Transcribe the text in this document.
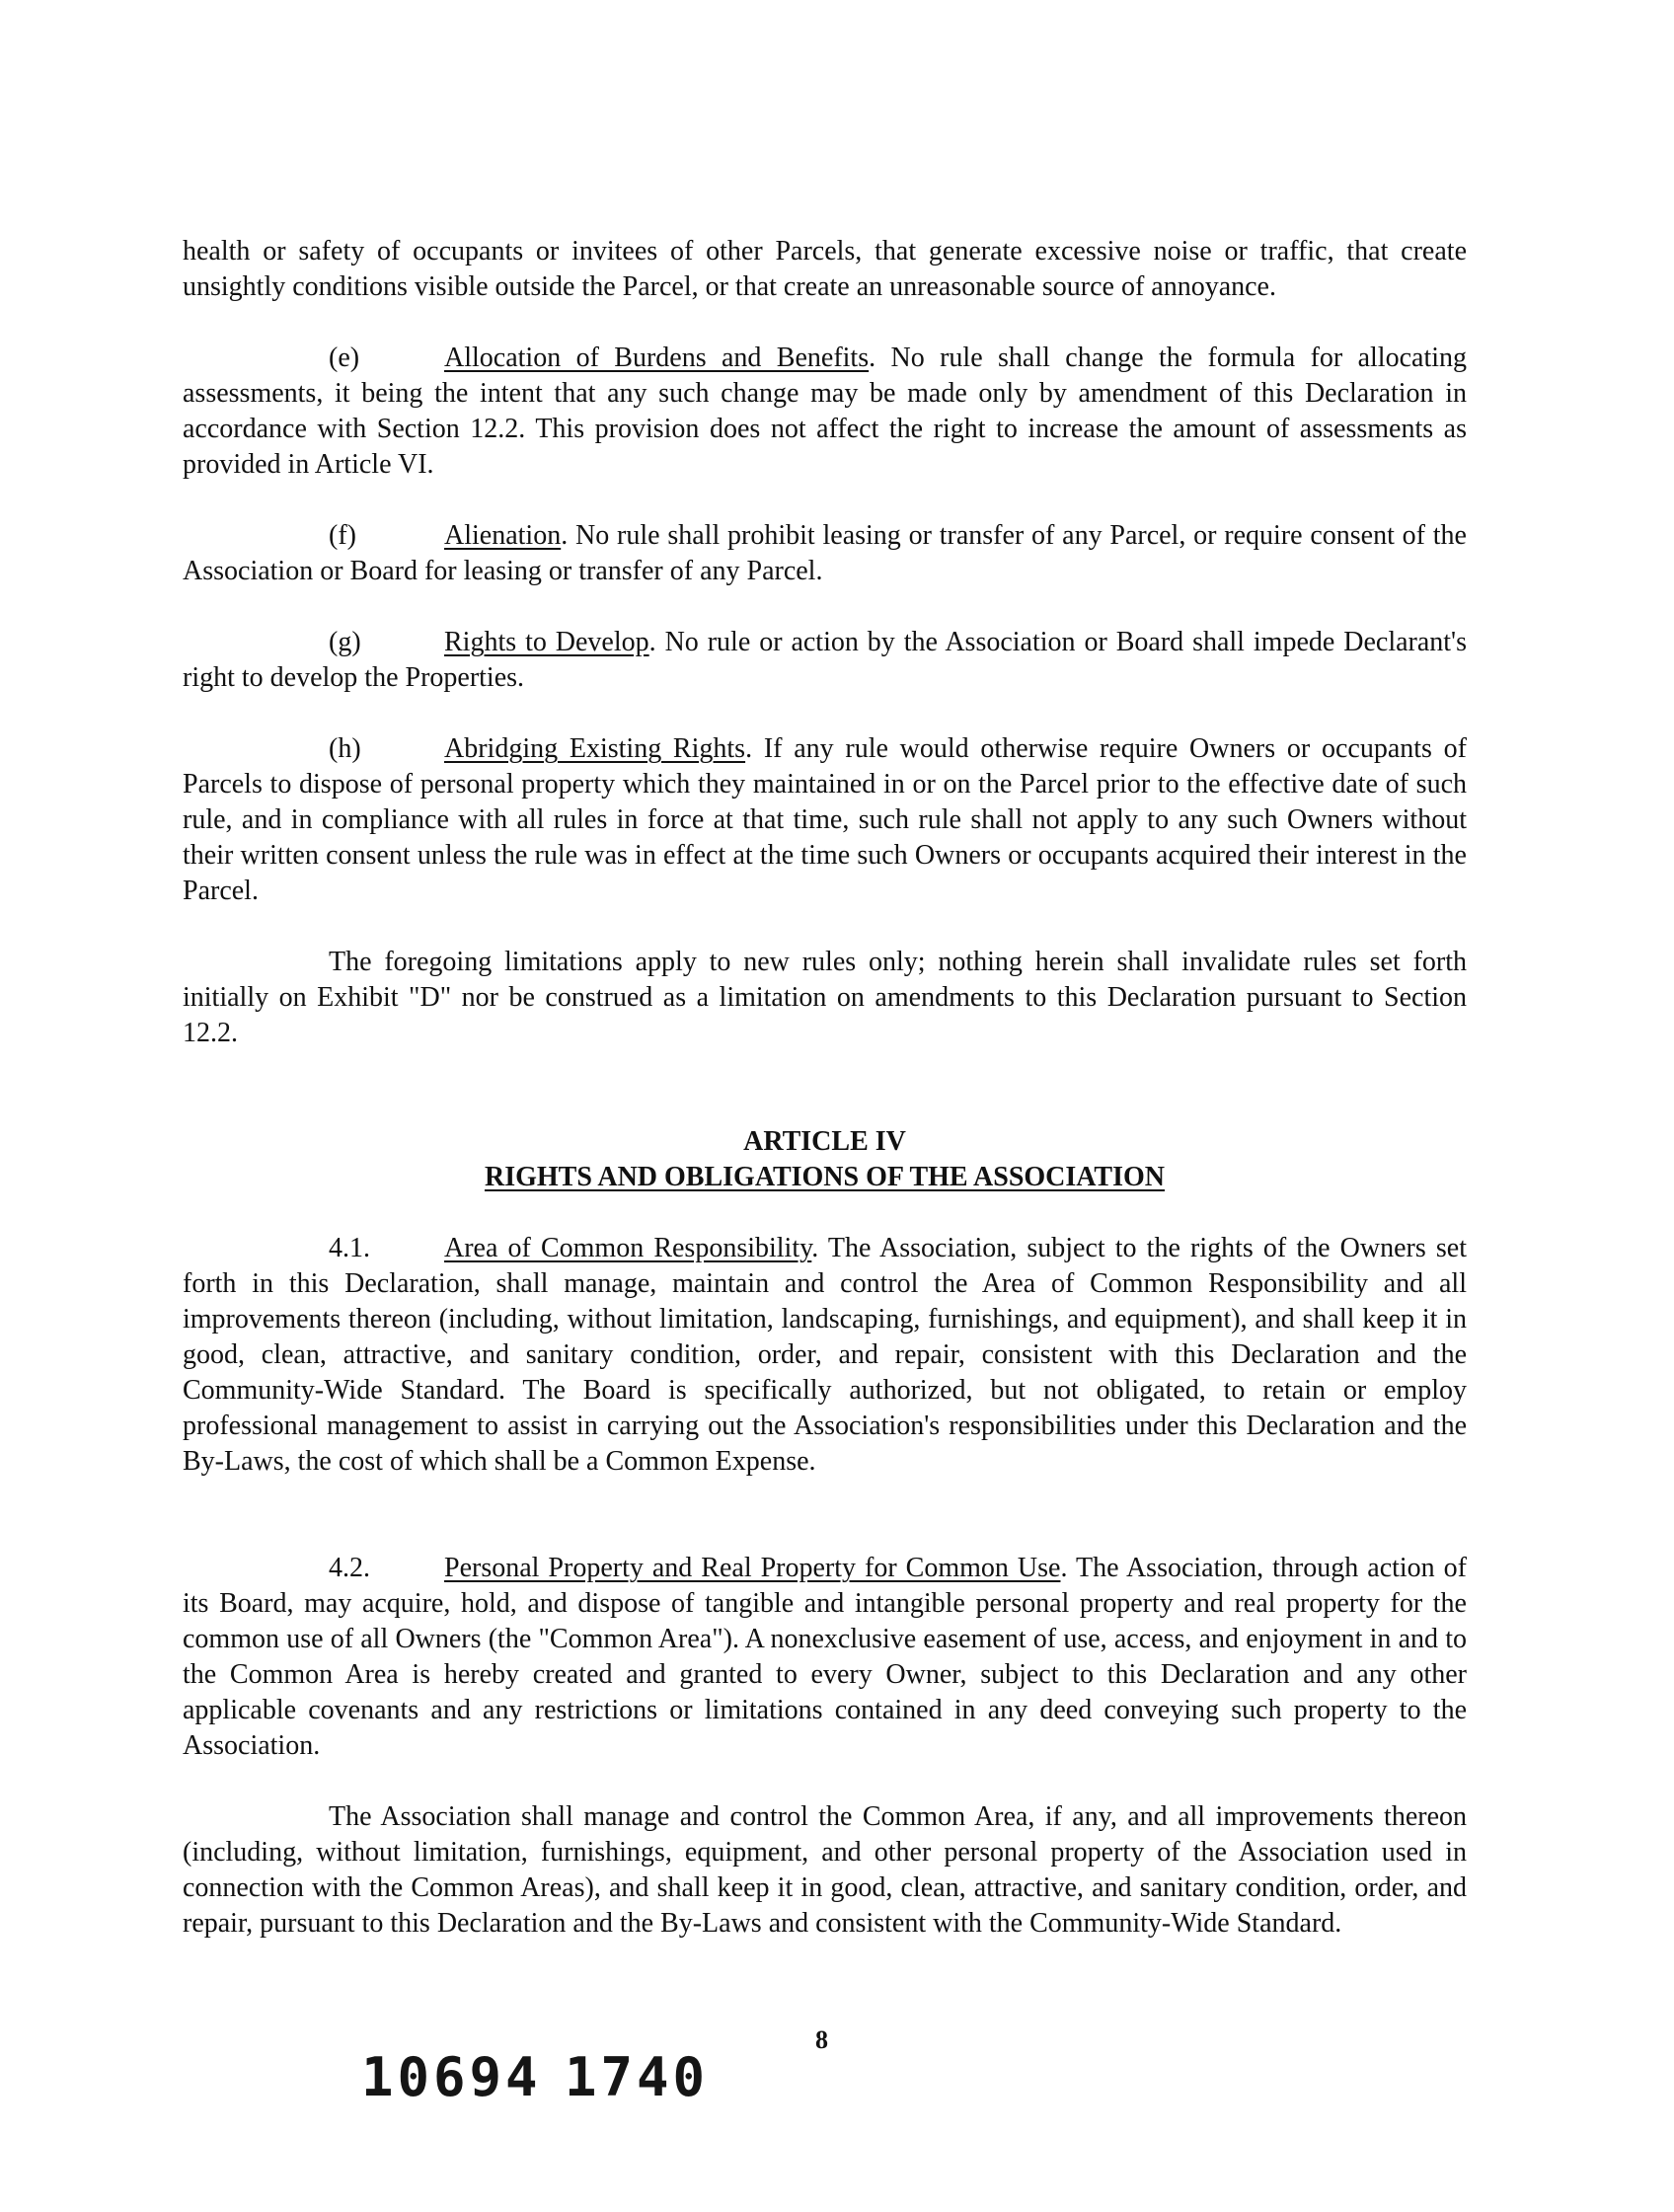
health or safety of occupants or invitees of other Parcels, that generate excessive noise or traffic, that create unsightly conditions visible outside the Parcel, or that create an unreasonable source of annoyance.

(e)	Allocation of Burdens and Benefits. No rule shall change the formula for allocating assessments, it being the intent that any such change may be made only by amendment of this Declaration in accordance with Section 12.2. This provision does not affect the right to increase the amount of assessments as provided in Article VI.

(f)	Alienation. No rule shall prohibit leasing or transfer of any Parcel, or require consent of the Association or Board for leasing or transfer of any Parcel.

(g)	Rights to Develop. No rule or action by the Association or Board shall impede Declarant's right to develop the Properties.

(h)	Abridging Existing Rights. If any rule would otherwise require Owners or occupants of Parcels to dispose of personal property which they maintained in or on the Parcel prior to the effective date of such rule, and in compliance with all rules in force at that time, such rule shall not apply to any such Owners without their written consent unless the rule was in effect at the time such Owners or occupants acquired their interest in the Parcel.

The foregoing limitations apply to new rules only; nothing herein shall invalidate rules set forth initially on Exhibit "D" nor be construed as a limitation on amendments to this Declaration pursuant to Section 12.2.

ARTICLE IV
RIGHTS AND OBLIGATIONS OF THE ASSOCIATION

4.1.	Area of Common Responsibility. The Association, subject to the rights of the Owners set forth in this Declaration, shall manage, maintain and control the Area of Common Responsibility and all improvements thereon (including, without limitation, landscaping, furnishings, and equipment), and shall keep it in good, clean, attractive, and sanitary condition, order, and repair, consistent with this Declaration and the Community-Wide Standard. The Board is specifically authorized, but not obligated, to retain or employ professional management to assist in carrying out the Association's responsibilities under this Declaration and the By-Laws, the cost of which shall be a Common Expense.

4.2.	Personal Property and Real Property for Common Use. The Association, through action of its Board, may acquire, hold, and dispose of tangible and intangible personal property and real property for the common use of all Owners (the "Common Area"). A nonexclusive easement of use, access, and enjoyment in and to the Common Area is hereby created and granted to every Owner, subject to this Declaration and any other applicable covenants and any restrictions or limitations contained in any deed conveying such property to the Association.

The Association shall manage and control the Common Area, if any, and all improvements thereon (including, without limitation, furnishings, equipment, and other personal property of the Association used in connection with the Common Areas), and shall keep it in good, clean, attractive, and sanitary condition, order, and repair, pursuant to this Declaration and the By-Laws and consistent with the Community-Wide Standard.

8
10694 1740
